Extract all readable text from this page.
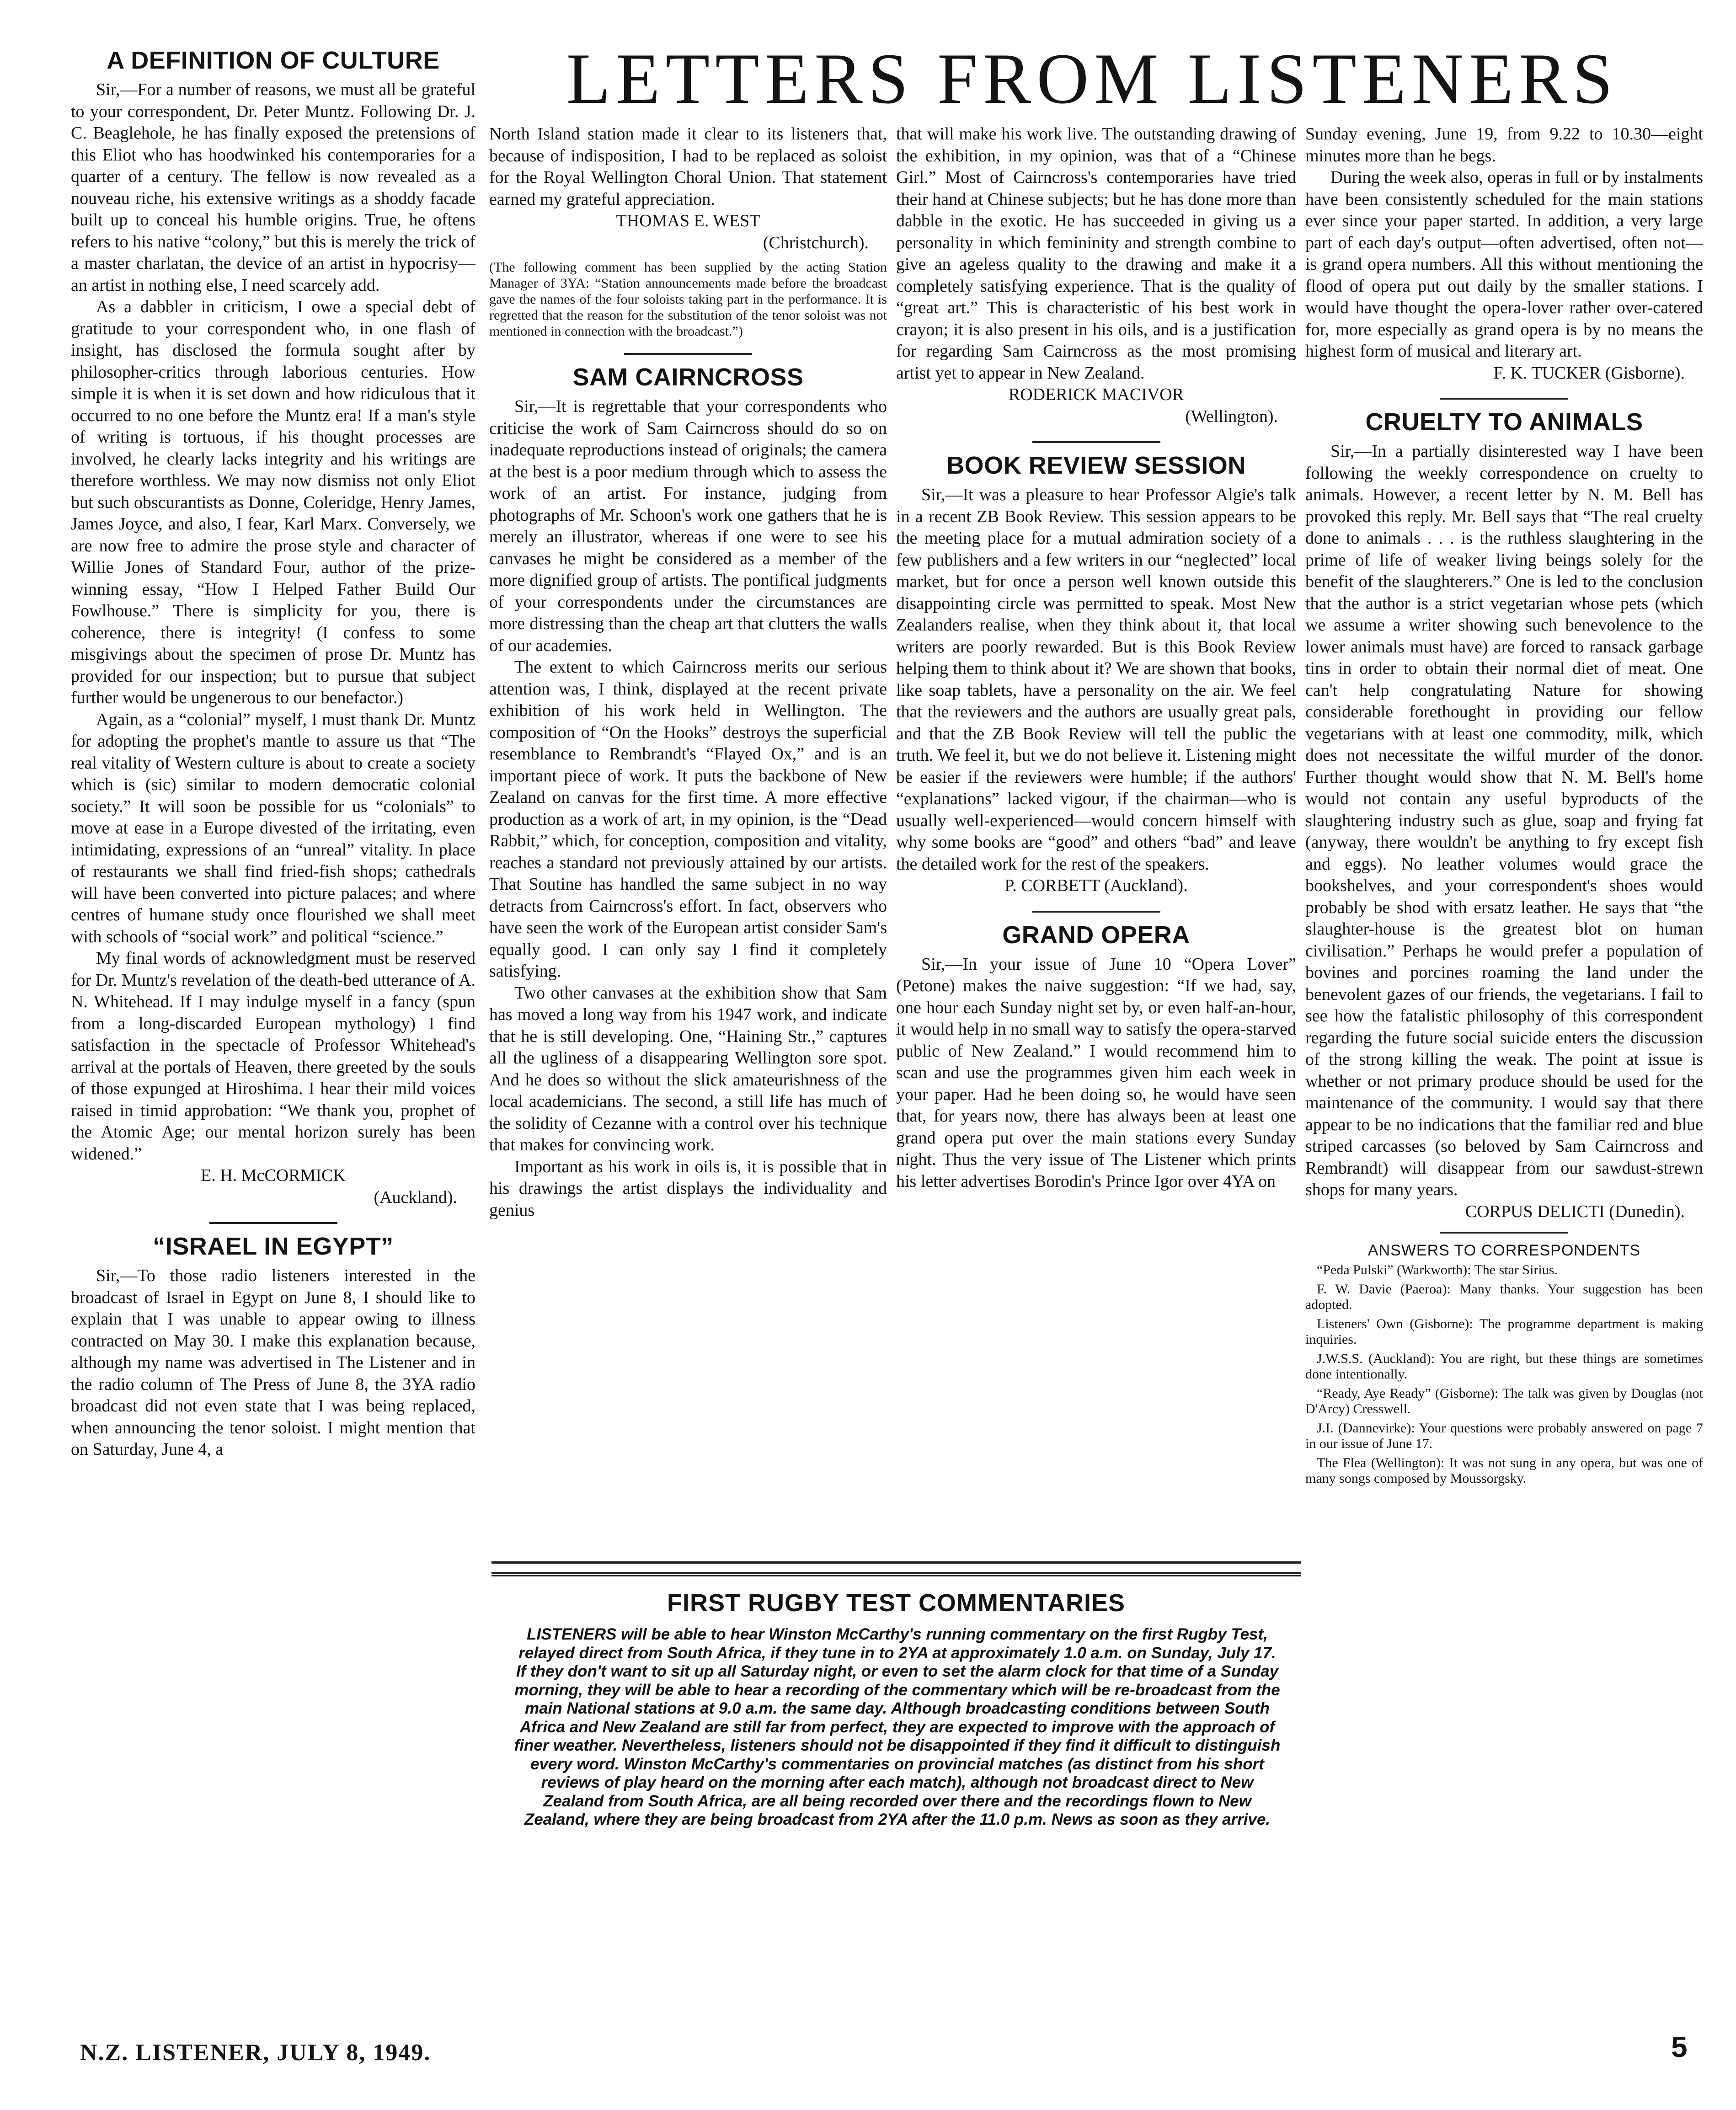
LETTERS FROM LISTENERS
A DEFINITION OF CULTURE

Sir,—For a number of reasons, we must all be grateful to your correspondent, Dr. Peter Muntz. Following Dr. J. C. Beaglehole, he has finally exposed the pretensions of this Eliot who has hoodwinked his contemporaries for a quarter of a century. The fellow is now revealed as a nouveau riche, his extensive writings as a shoddy facade built up to conceal his humble origins. True, he oftens refers to his native “colony,” but this is merely the trick of a master charlatan, the device of an artist in hypocrisy—an artist in nothing else, I need scarcely add.

As a dabbler in criticism, I owe a special debt of gratitude to your correspondent who, in one flash of insight, has disclosed the formula sought after by philosopher-critics through laborious centuries. How simple it is when it is set down and how ridiculous that it occurred to no one before the Muntz era! If a man's style of writing is tortuous, if his thought processes are involved, he clearly lacks integrity and his writings are therefore worthless. We may now dismiss not only Eliot but such obscurantists as Donne, Coleridge, Henry James, James Joyce, and also, I fear, Karl Marx. Conversely, we are now free to admire the prose style and character of Willie Jones of Standard Four, author of the prize-winning essay, “How I Helped Father Build Our Fowlhouse.” There is simplicity for you, there is coherence, there is integrity! (I confess to some misgivings about the specimen of prose Dr. Muntz has provided for our inspection; but to pursue that subject further would be ungenerous to our benefactor.)

Again, as a “colonial” myself, I must thank Dr. Muntz for adopting the prophet's mantle to assure us that “The real vitality of Western culture is about to create a society which is (sic) similar to modern democratic colonial society.” It will soon be possible for us “colonials” to move at ease in a Europe divested of the irritating, even intimidating, expressions of an “unreal” vitality. In place of restaurants we shall find fried-fish shops; cathedrals will have been converted into picture palaces; and where centres of humane study once flourished we shall meet with schools of “social work” and political “science.”

My final words of acknowledgment must be reserved for Dr. Muntz's revelation of the death-bed utterance of A. N. Whitehead. If I may indulge myself in a fancy (spun from a long-discarded European mythology) I find satisfaction in the spectacle of Professor Whitehead's arrival at the portals of Heaven, there greeted by the souls of those expunged at Hiroshima. I hear their mild voices raised in timid approbation: “We thank you, prophet of the Atomic Age; our mental horizon surely has been widened.”

E. H. McCORMICK

(Auckland).

“ISRAEL IN EGYPT”

Sir,—To those radio listeners interested in the broadcast of Israel in Egypt on June 8, I should like to explain that I was unable to appear owing to illness contracted on May 30. I make this explanation because, although my name was advertised in The Listener and in the radio column of The Press of June 8, the 3YA radio broadcast did not even state that I was being replaced, when announcing the tenor soloist. I might mention that on Saturday, June 4, a

North Island station made it clear to its listeners that, because of indisposition, I had to be replaced as soloist for the Royal Wellington Choral Union. That statement earned my grateful appreciation.

THOMAS E. WEST

(Christchurch).

(The following comment has been supplied by the acting Station Manager of 3YA: “Station announcements made before the broadcast gave the names of the four soloists taking part in the performance. It is regretted that the reason for the substitution of the tenor soloist was not mentioned in connection with the broadcast.”)

SAM CAIRNCROSS

Sir,—It is regrettable that your correspondents who criticise the work of Sam Cairncross should do so on inadequate reproductions instead of originals; the camera at the best is a poor medium through which to assess the work of an artist. For instance, judging from photographs of Mr. Schoon's work one gathers that he is merely an illustrator, whereas if one were to see his canvases he might be considered as a member of the more dignified group of artists. The pontifical judgments of your correspondents under the circumstances are more distressing than the cheap art that clutters the walls of our academies.

The extent to which Cairncross merits our serious attention was, I think, displayed at the recent private exhibition of his work held in Wellington. The composition of “On the Hooks” destroys the superficial resemblance to Rembrandt's “Flayed Ox,” and is an important piece of work. It puts the backbone of New Zealand on canvas for the first time. A more effective production as a work of art, in my opinion, is the “Dead Rabbit,” which, for conception, composition and vitality, reaches a standard not previously attained by our artists. That Soutine has handled the same subject in no way detracts from Cairncross's effort. In fact, observers who have seen the work of the European artist consider Sam's equally good. I can only say I find it completely satisfying.

Two other canvases at the exhibition show that Sam has moved a long way from his 1947 work, and indicate that he is still developing. One, “Haining Str.,” captures all the ugliness of a disappearing Wellington sore spot. And he does so without the slick amateurishness of the local academicians. The second, a still life has much of the solidity of Cezanne with a control over his technique that makes for convincing work.

Important as his work in oils is, it is possible that in his drawings the artist displays the individuality and genius

that will make his work live. The outstanding drawing of the exhibition, in my opinion, was that of a “Chinese Girl.” Most of Cairncross's contemporaries have tried their hand at Chinese subjects; but he has done more than dabble in the exotic. He has succeeded in giving us a personality in which femininity and strength combine to give an ageless quality to the drawing and make it a completely satisfying experience. That is the quality of “great art.” This is characteristic of his best work in crayon; it is also present in his oils, and is a justification for regarding Sam Cairncross as the most promising artist yet to appear in New Zealand.

RODERICK MACIVOR

(Wellington).

BOOK REVIEW SESSION

Sir,—It was a pleasure to hear Professor Algie's talk in a recent ZB Book Review. This session appears to be the meeting place for a mutual admiration society of a few publishers and a few writers in our “neglected” local market, but for once a person well known outside this disappointing circle was permitted to speak. Most New Zealanders realise, when they think about it, that local writers are poorly rewarded. But is this Book Review helping them to think about it? We are shown that books, like soap tablets, have a personality on the air. We feel that the reviewers and the authors are usually great pals, and that the ZB Book Review will tell the public the truth. We feel it, but we do not believe it. Listening might be easier if the reviewers were humble; if the authors' “explanations” lacked vigour, if the chairman—who is usually well-experienced—would concern himself with why some books are “good” and others “bad” and leave the detailed work for the rest of the speakers.

P. CORBETT (Auckland).

GRAND OPERA

Sir,—In your issue of June 10 “Opera Lover” (Petone) makes the naive suggestion: “If we had, say, one hour each Sunday night set by, or even half-an-hour, it would help in no small way to satisfy the opera-starved public of New Zealand.” I would recommend him to scan and use the programmes given him each week in your paper. Had he been doing so, he would have seen that, for years now, there has always been at least one grand opera put over the main stations every Sunday night. Thus the very issue of The Listener which prints his letter advertises Borodin's Prince Igor over 4YA on

Sunday evening, June 19, from 9.22 to 10.30—eight minutes more than he begs.

During the week also, operas in full or by instalments have been consistently scheduled for the main stations ever since your paper started. In addition, a very large part of each day's output—often advertised, often not—is grand opera numbers. All this without mentioning the flood of opera put out daily by the smaller stations. I would have thought the opera-lover rather over-catered for, more especially as grand opera is by no means the highest form of musical and literary art.

F. K. TUCKER (Gisborne).

CRUELTY TO ANIMALS

Sir,—In a partially disinterested way I have been following the weekly correspondence on cruelty to animals. However, a recent letter by N. M. Bell has provoked this reply. Mr. Bell says that “The real cruelty done to animals . . . is the ruthless slaughtering in the prime of life of weaker living beings solely for the benefit of the slaughterers.” One is led to the conclusion that the author is a strict vegetarian whose pets (which we assume a writer showing such benevolence to the lower animals must have) are forced to ransack garbage tins in order to obtain their normal diet of meat. One can't help congratulating Nature for showing considerable forethought in providing our fellow vegetarians with at least one commodity, milk, which does not necessitate the wilful murder of the donor. Further thought would show that N. M. Bell's home would not contain any useful byproducts of the slaughtering industry such as glue, soap and frying fat (anyway, there wouldn't be anything to fry except fish and eggs). No leather volumes would grace the bookshelves, and your correspondent's shoes would probably be shod with ersatz leather. He says that “the slaughter-house is the greatest blot on human civilisation.” Perhaps he would prefer a population of bovines and porcines roaming the land under the benevolent gazes of our friends, the vegetarians. I fail to see how the fatalistic philosophy of this correspondent regarding the future social suicide enters the discussion of the strong killing the weak. The point at issue is whether or not primary produce should be used for the maintenance of the community. I would say that there appear to be no indications that the familiar red and blue striped carcasses (so beloved by Sam Cairncross and Rembrandt) will disappear from our sawdust-strewn shops for many years.

CORPUS DELICTI (Dunedin).

ANSWERS TO CORRESPONDENTS

“Peda Pulski” (Warkworth): The star Sirius.

F. W. Davie (Paeroa): Many thanks. Your suggestion has been adopted.

Listeners' Own (Gisborne): The programme department is making inquiries.

J.W.S.S. (Auckland): You are right, but these things are sometimes done intentionally.

“Ready, Aye Ready” (Gisborne): The talk was given by Douglas (not D'Arcy) Cresswell.

J.I. (Dannevirke): Your questions were probably answered on page 7 in our issue of June 17.

The Flea (Wellington): It was not sung in any opera, but was one of many songs composed by Moussorgsky.

FIRST RUGBY TEST COMMENTARIES
LISTENERS will be able to hear Winston McCarthy's running commentary on the first Rugby Test, relayed direct from South Africa, if they tune in to 2YA at approximately 1.0 a.m. on Sunday, July 17. If they don't want to sit up all Saturday night, or even to set the alarm clock for that time of a Sunday morning, they will be able to hear a recording of the commentary which will be re-broadcast from the main National stations at 9.0 a.m. the same day. Although broadcasting conditions between South Africa and New Zealand are still far from perfect, they are expected to improve with the approach of finer weather. Nevertheless, listeners should not be disappointed if they find it difficult to distinguish every word. Winston McCarthy's commentaries on provincial matches (as distinct from his short reviews of play heard on the morning after each match), although not broadcast direct to New Zealand from South Africa, are all being recorded over there and the recordings flown to New Zealand, where they are being broadcast from 2YA after the 11.0 p.m. News as soon as they arrive.
N.Z. LISTENER, JULY 8, 1949.	5
